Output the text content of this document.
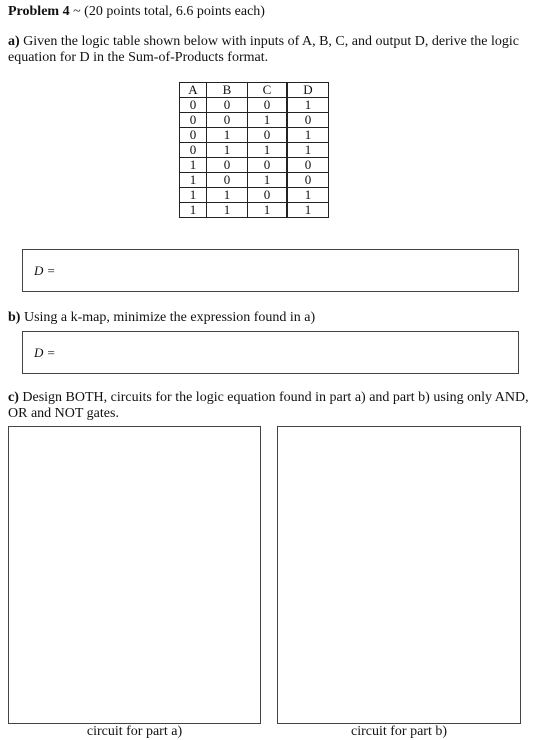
Problem 4 ~ (20 points total, 6.6 points each)
a) Given the logic table shown below with inputs of A, B, C, and output D, derive the logic equation for D in the Sum-of-Products format.
A	B	C	D
0	0	0	1
0	0	1	0
0	1	0	1
0	1	1	1
1	0	0	0
1	0	1	0
1	1	0	1
1	1	1	1
D =
b) Using a k-map, minimize the expression found in a)
D =
c) Design BOTH, circuits for the logic equation found in part a) and part b) using only AND, OR and NOT gates.
circuit for part a)	circuit for part b)
